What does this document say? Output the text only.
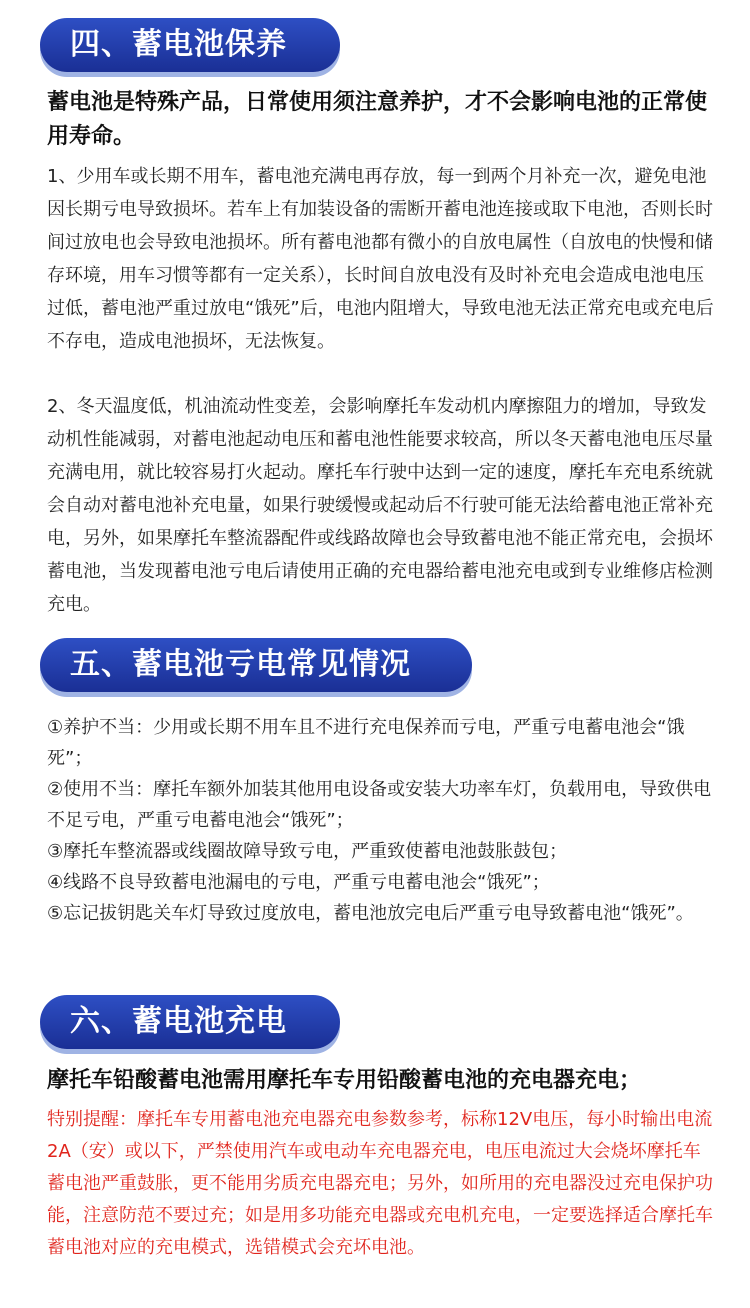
四、蓄电池保养
蓄电池是特殊产品，日常使用须注意养护，才不会影响电池的正常使用寿命。
1、少用车或长期不用车，蓄电池充满电再存放，每一到两个月补充一次，避免电池因长期亏电导致损坏。若车上有加装设备的需断开蓄电池连接或取下电池，否则长时间过放电也会导致电池损坏。所有蓄电池都有微小的自放电属性（自放电的快慢和储存环境，用车习惯等都有一定关系），长时间自放电没有及时补充电会造成电池电压过低，蓄电池严重过放电“饿死”后，电池内阻增大，导致电池无法正常充电或充电后不存电，造成电池损坏，无法恢复。
2、冬天温度低，机油流动性变差，会影响摩托车发动机内摩擦阻力的增加，导致发动机性能减弱，对蓄电池起动电压和蓄电池性能要求较高，所以冬天蓄电池电压尽量充满电用，就比较容易打火起动。摩托车行驶中达到一定的速度，摩托车充电系统就会自动对蓄电池补充电量，如果行驶缓慢或起动后不行驶可能无法给蓄电池正常补充电，另外，如果摩托车整流器配件或线路故障也会导致蓄电池不能正常充电，会损坏蓄电池，当发现蓄电池亏电后请使用正确的充电器给蓄电池充电或到专业维修店检测充电。
五、蓄电池亏电常见情况
①养护不当：少用或长期不用车且不进行充电保养而亏电，严重亏电蓄电池会“饿死”；
②使用不当：摩托车额外加装其他用电设备或安装大功率车灯，负载用电，导致供电不足亏电，严重亏电蓄电池会“饿死”；
③摩托车整流器或线圈故障导致亏电，严重致使蓄电池鼓胀鼓包；
④线路不良导致蓄电池漏电的亏电，严重亏电蓄电池会“饿死”；
⑤忘记拔钥匙关车灯导致过度放电，蓄电池放完电后严重亏电导致蓄电池“饿死”。
六、蓄电池充电
摩托车铅酸蓄电池需用摩托车专用铅酸蓄电池的充电器充电；
特别提醒：摩托车专用蓄电池充电器充电参数参考，标称12V电压，每小时输出电流2A（安）或以下，严禁使用汽车或电动车充电器充电，电压电流过大会烧坏摩托车蓄电池严重鼓胀，更不能用劣质充电器充电；另外，如所用的充电器没过充电保护功能，注意防范不要过充；如是用多功能充电器或充电机充电，一定要选择适合摩托车蓄电池对应的充电模式，选错模式会充坏电池。
